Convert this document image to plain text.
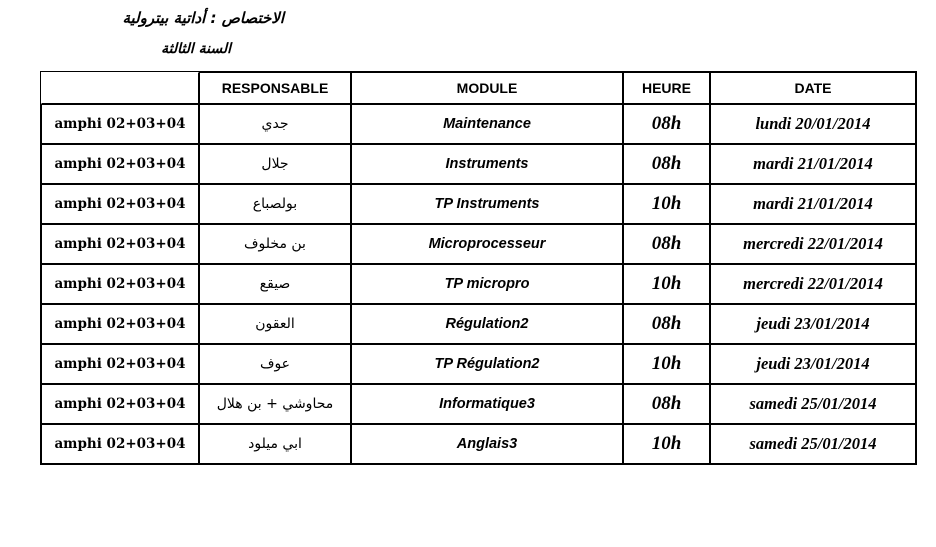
الاختصاص : أداتية بيترولية
السنة الثالثة
	RESPONSABLE	MODULE	HEURE	DATE
amphi 02+03+04	جدي	Maintenance	08h	lundi 20/01/2014
amphi 02+03+04	جلال	Instruments	08h	mardi 21/01/2014
amphi 02+03+04	بولصباع	TP Instruments	10h	mardi 21/01/2014
amphi 02+03+04	بن مخلوف	Microprocesseur	08h	mercredi 22/01/2014
amphi 02+03+04	صيقع	TP micropro	10h	mercredi 22/01/2014
amphi 02+03+04	العقون	Régulation2	08h	jeudi 23/01/2014
amphi 02+03+04	عوف	TP Régulation2	10h	jeudi 23/01/2014
amphi 02+03+04	محاوشي + بن هلال	Informatique3	08h	samedi 25/01/2014
amphi 02+03+04	ابي ميلود	Anglais3	10h	samedi 25/01/2014
